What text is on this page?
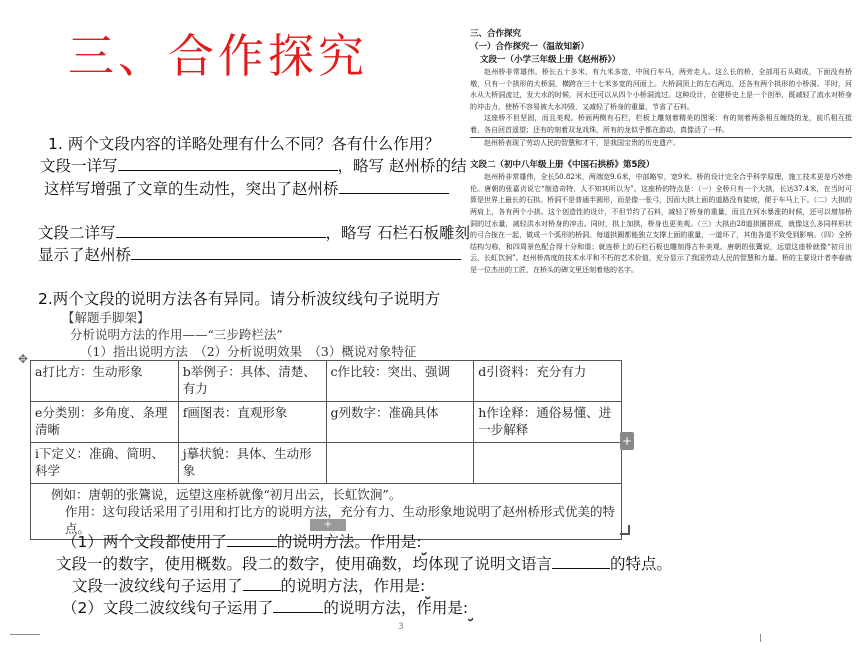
三、合作探究
1. 两个文段内容的详略处理有什么不同？各有什么作用？
文段一详写	，略写 赵州桥的结
这样写增强了文章的生动性，突出了赵州桥
文段二详写	，略写 石栏石板雕刻
显示了赵州桥
2.两个文段的说明方法各有异同。请分析波纹线句子说明方
三、合作探究
（一）合作探究一（温故知新）
文段一（小学三年级上册《赵州桥》）

赵州桥非常雄伟。桥长五十多米，有九米多宽，中间行车马，两旁走人。这么长的桥，全部用石头砌成，下面没有桥墩，只有一个拱形的大桥洞，横跨在三十七米多宽的河面上。大桥洞顶上的左右两边，还各有两个拱形的小桥洞。平时，河水从大桥洞流过，发大水的时候，河水还可以从四个小桥洞流过。这种设计，在建桥史上是一个创举，既减轻了流水对桥身的冲击力，使桥不容易被大水冲毁，又减轻了桥身的重量，节省了石料。

这座桥不但坚固，而且美观。桥面两侧有石栏，栏板上雕刻着精美的图案：有的刻着两条相互缠绕的龙，前爪相互抵着，各自回首遥望；还有的刻着双龙戏珠，所有的龙似乎都在游动，真像活了一样。

赵州桥表现了劳动人民的智慧和才干，是我国宝贵的历史遗产。

文段二（初中八年级上册《中国石拱桥》第5段）

赵州桥非常雄伟，全长50.82米，两端宽9.6米，中部略窄，宽9米。桥的设计完全合乎科学原理，施工技术更是巧妙绝伦。唐朝的张嘉贞说它“制造奇特，人不知其所以为”。这座桥的特点是：（一）全桥只有一个大拱，长达37.4米，在当时可算是世界上最长的石拱。桥洞不是普通半圆形，而是像一张弓，因而大拱上面的道路没有陡坡，便于车马上下。（二）大拱的两肩上，各有两个小拱。这个创造性的设计，不但节约了石料，减轻了桥身的重量，而且在河水暴涨的时候，还可以增加桥洞的过水量，减轻洪水对桥身的冲击。同时，拱上加拱，桥身也更美观。（三）大拱由28道拱圈拼成，就像这么多同样形状的弓合拢在一起，做成一个弧形的桥洞。每道拱圈都能独立支撑上面的重量，一道坏了，其他各道不致受到影响。（四）全桥结构匀称，和四周景色配合得十分和谐；就连桥上的石栏石板也雕刻得古朴美观。唐朝的张鷟说，远望这座桥就像“初月出云，长虹饮涧”。赵州桥高度的技术水平和不朽的艺术价值，充分显示了我国劳动人民的智慧和力量。桥的主要设计者李春就是一位杰出的工匠，在桥头的碑文里还刻着他的名字。

【解题手脚架】
分析说明方法的作用——“三步跨栏法”
（1）指出说明方法　（2）分析说明效果　（3）概说对象特征
✥
a打比方：生动形象	b举例子：具体、清楚、有力	c作比较：突出、强调	d引资料：充分有力
e分类别：多角度、条理清晰	f画图表：直观形象	g列数字：准确具体	h作诠释：通俗易懂、进一步解释
i下定义：准确、简明、科学	j摹状貌：具体、生动形象		

例如：唐朝的张鷟说，远望这座桥就像“初月出云，长虹饮涧”。
作用：这句段话采用了引用和打比方的说明方法，充分有力、生动形象地说明了赵州桥形式优美的特点。			
+
+
（1）两个文段都使用了	的说明方法。作用是:
文段一的数字，使用概数。段二的数字，使用确数，均体现了说明文语言	的特点。
文段一波纹线句子运用了 的说明方法，作用是:
（2）文段二波纹线句子运用了	的说明方法，作用是:
3
